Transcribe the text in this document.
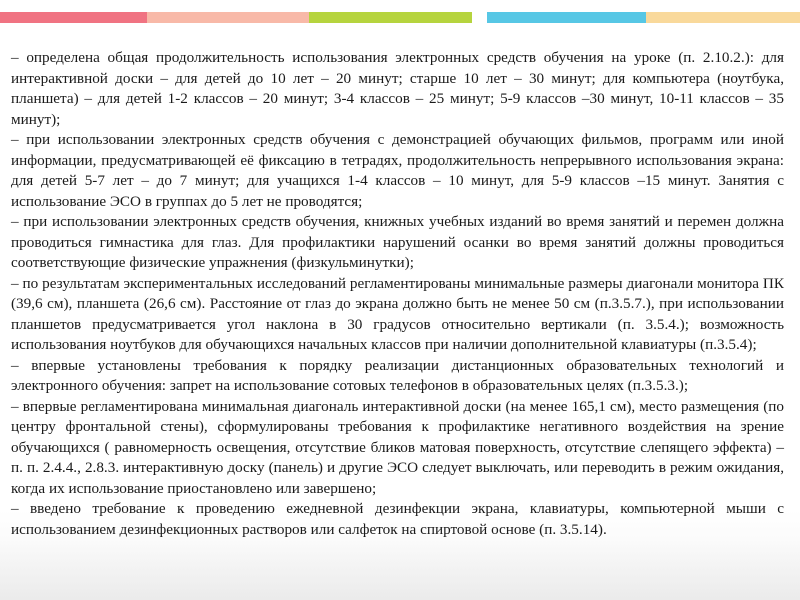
– определена общая продолжительность использования электронных средств обучения на уроке (п. 2.10.2.): для интерактивной доски – для детей до 10 лет – 20 минут; старше 10 лет – 30 минут; для компьютера (ноутбука, планшета) – для детей 1-2 классов – 20 минут; 3-4 классов – 25 минут; 5-9 классов –30 минут, 10-11 классов – 35 минут);

– при использовании электронных средств обучения с демонстрацией обучающих фильмов, программ или иной информации, предусматривающей её фиксацию в тетрадях, продолжительность непрерывного использования экрана: для детей 5-7 лет – до 7 минут; для учащихся 1-4 классов – 10 минут, для 5-9 классов –15 минут. Занятия с использование ЭСО в группах до 5 лет не проводятся;

– при использовании электронных средств обучения, книжных учебных изданий во время занятий и перемен должна проводиться гимнастика для глаз. Для профилактики нарушений осанки во время занятий должны проводиться соответствующие физические упражнения (физкульминутки);

– по результатам экспериментальных исследований регламентированы минимальные размеры диагонали монитора ПК (39,6 см), планшета (26,6 см). Расстояние от глаз до экрана должно быть не менее 50 см (п.3.5.7.), при использовании планшетов предусматривается угол наклона в 30 градусов относительно вертикали (п. 3.5.4.); возможность использования ноутбуков для обучающихся начальных классов при наличии дополнительной клавиатуры (п.3.5.4);

– впервые установлены требования к порядку реализации дистанционных образовательных технологий и электронного обучения: запрет на использование сотовых телефонов в образовательных целях (п.3.5.3.);

– впервые регламентирована минимальная диагональ интерактивной доски (на менее 165,1 см), место размещения (по центру фронтальной стены), сформулированы требования к профилактике негативного воздействия на зрение обучающихся ( равномерность освещения, отсутствие бликов матовая поверхность, отсутствие слепящего эффекта) – п. п. 2.4.4., 2.8.3. интерактивную доску (панель) и другие ЭСО следует выключать, или переводить в режим ожидания, когда их использование приостановлено или завершено;

– введено требование к проведению ежедневной дезинфекции экрана, клавиатуры, компьютерной мыши с использованием дезинфекционных растворов или салфеток на спиртовой основе (п. 3.5.14).
